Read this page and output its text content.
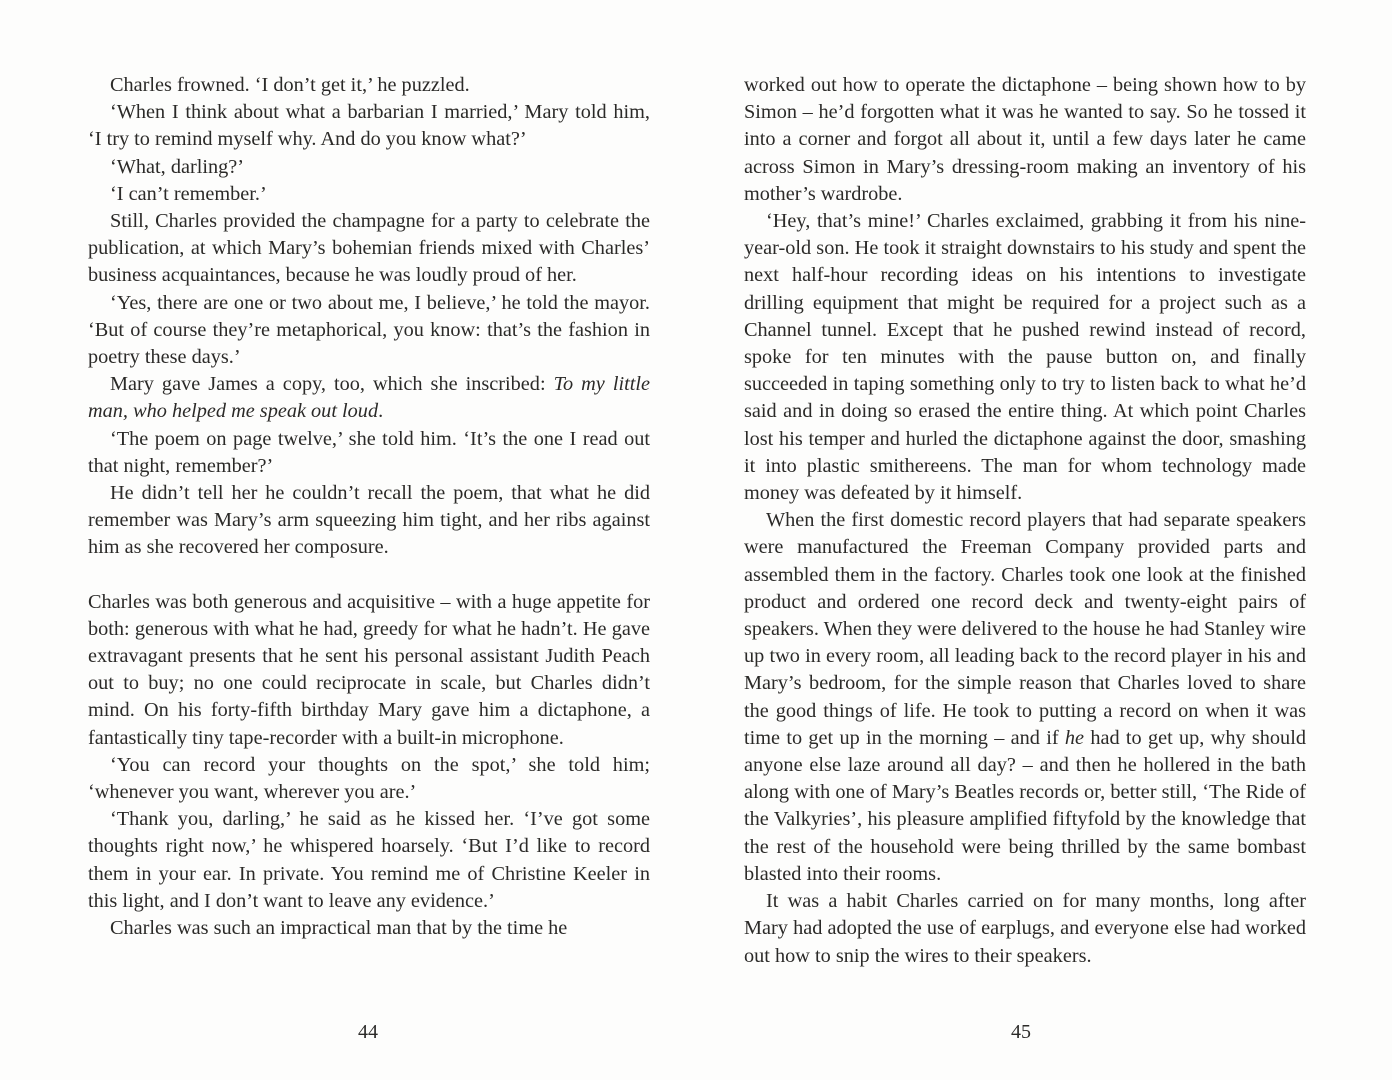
Charles frowned. ‘I don’t get it,’ he puzzled.

‘When I think about what a barbarian I married,’ Mary told him, ‘I try to remind myself why. And do you know what?’

‘What, darling?’

‘I can’t remember.’

Still, Charles provided the champagne for a party to celebrate the publication, at which Mary’s bohemian friends mixed with Charles’ business acquaintances, because he was loudly proud of her.

‘Yes, there are one or two about me, I believe,’ he told the mayor. ‘But of course they’re metaphorical, you know: that’s the fashion in poetry these days.’

Mary gave James a copy, too, which she inscribed: To my little man, who helped me speak out loud.

‘The poem on page twelve,’ she told him. ‘It’s the one I read out that night, remember?’

He didn’t tell her he couldn’t recall the poem, that what he did remember was Mary’s arm squeezing him tight, and her ribs against him as she recovered her composure.

Charles was both generous and acquisitive – with a huge appetite for both: generous with what he had, greedy for what he hadn’t. He gave extravagant presents that he sent his personal assistant Judith Peach out to buy; no one could reciprocate in scale, but Charles didn’t mind. On his forty-fifth birthday Mary gave him a dictaphone, a fantastically tiny tape-recorder with a built-in microphone.

‘You can record your thoughts on the spot,’ she told him; ‘whenever you want, wherever you are.’

‘Thank you, darling,’ he said as he kissed her. ‘I’ve got some thoughts right now,’ he whispered hoarsely. ‘But I’d like to record them in your ear. In private. You remind me of Christine Keeler in this light, and I don’t want to leave any evidence.’

Charles was such an impractical man that by the time he

44

worked out how to operate the dictaphone – being shown how to by Simon – he’d forgotten what it was he wanted to say. So he tossed it into a corner and forgot all about it, until a few days later he came across Simon in Mary’s dressing-room making an inventory of his mother’s wardrobe.

‘Hey, that’s mine!’ Charles exclaimed, grabbing it from his nine-year-old son. He took it straight downstairs to his study and spent the next half-hour recording ideas on his intentions to investigate drilling equipment that might be required for a project such as a Channel tunnel. Except that he pushed rewind instead of record, spoke for ten minutes with the pause button on, and finally succeeded in taping something only to try to listen back to what he’d said and in doing so erased the entire thing. At which point Charles lost his temper and hurled the dictaphone against the door, smashing it into plastic smithereens. The man for whom technology made money was defeated by it himself.

When the first domestic record players that had separate speakers were manufactured the Freeman Company provided parts and assembled them in the factory. Charles took one look at the finished product and ordered one record deck and twenty-eight pairs of speakers. When they were delivered to the house he had Stanley wire up two in every room, all leading back to the record player in his and Mary’s bedroom, for the simple reason that Charles loved to share the good things of life. He took to putting a record on when it was time to get up in the morning – and if he had to get up, why should anyone else laze around all day? – and then he hollered in the bath along with one of Mary’s Beatles records or, better still, ‘The Ride of the Valkyries’, his pleasure amplified fiftyfold by the knowledge that the rest of the household were being thrilled by the same bombast blasted into their rooms.

It was a habit Charles carried on for many months, long after Mary had adopted the use of earplugs, and everyone else had worked out how to snip the wires to their speakers.

45
